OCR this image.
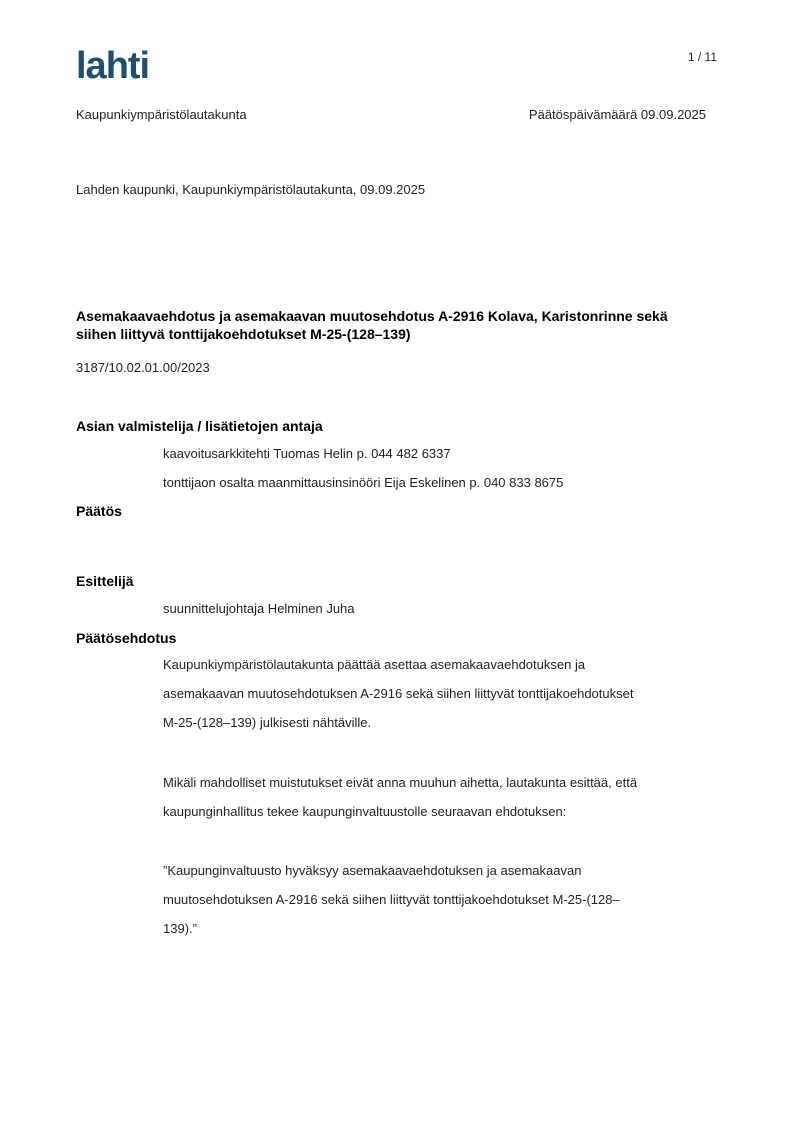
lahti	1 / 11
Kaupunkiympäristölautakunta	Päätöspäivämäärä 09.09.2025
Lahden kaupunki, Kaupunkiympäristölautakunta, 09.09.2025
Asemakaavaehdotus ja asemakaavan muutosehdotus A-2916 Kolava, Karistonrinne sekä
siihen liittyvä tonttijakoehdotukset M-25-(128–139)
3187/10.02.01.00/2023
Asian valmistelija / lisätietojen antaja
kaavoitusarkkitehti Tuomas Helin p. 044 482 6337
tonttijaon osalta maanmittausinsinööri Eija Eskelinen p. 040 833 8675
Päätös
Esittelijä
suunnittelujohtaja Helminen Juha
Päätösehdotus
Kaupunkiympäristölautakunta päättää asettaa asemakaavaehdotuksen ja
asemakaavan muutosehdotuksen A-2916 sekä siihen liittyvät tonttijakoehdotukset
M-25-(128–139) julkisesti nähtäville.
Mikäli mahdolliset muistutukset eivät anna muuhun aihetta, lautakunta esittää, että
kaupunginhallitus tekee kaupunginvaltuustolle seuraavan ehdotuksen:
”Kaupunginvaltuusto hyväksyy asemakaavaehdotuksen ja asemakaavan
muutosehdotuksen A-2916 sekä siihen liittyvät tonttijakoehdotukset M-25-(128–
139).”
